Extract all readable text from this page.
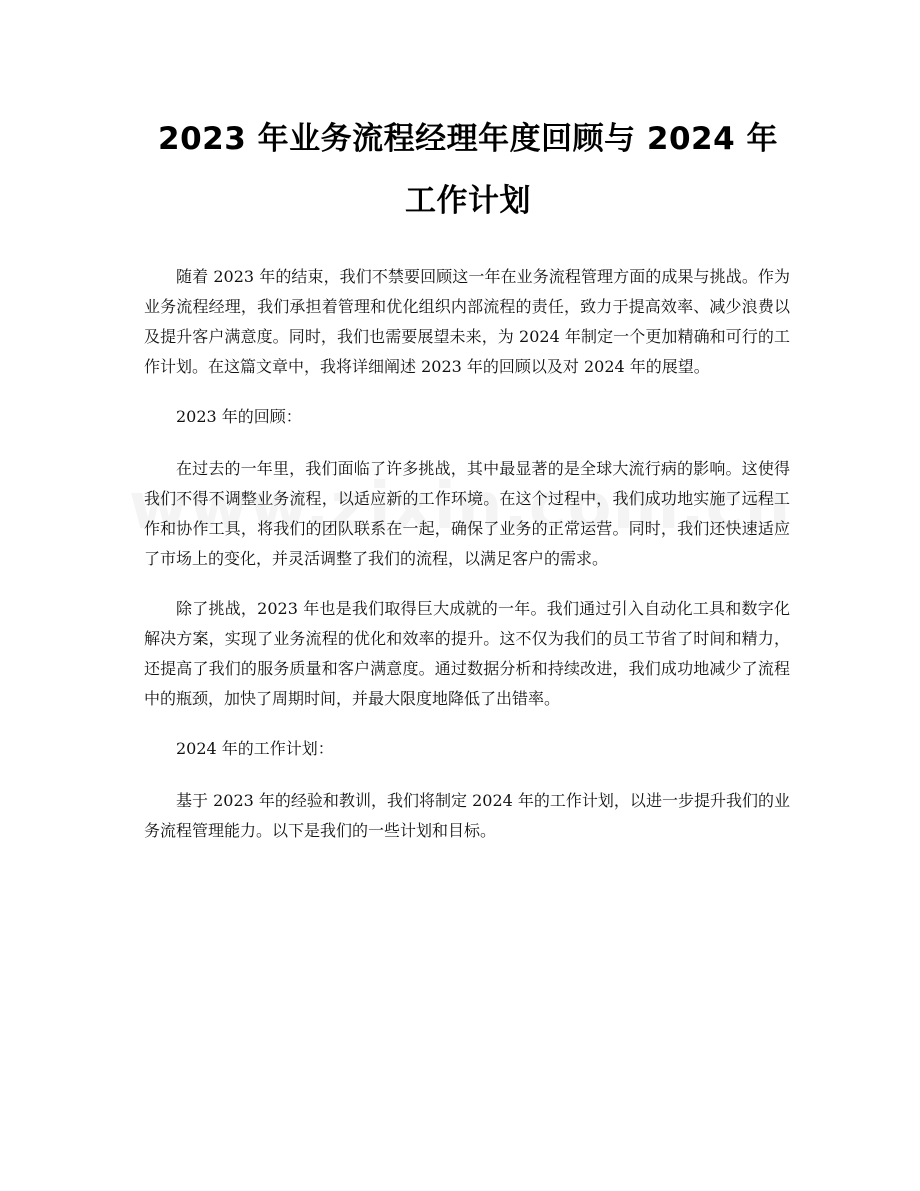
2023 年业务流程经理年度回顾与 2024 年工作计划

随着 2023 年的结束，我们不禁要回顾这一年在业务流程管理方面的成果与挑战。作为业务流程经理，我们承担着管理和优化组织内部流程的责任，致力于提高效率、减少浪费以及提升客户满意度。同时，我们也需要展望未来，为 2024 年制定一个更加精确和可行的工作计划。在这篇文章中，我将详细阐述 2023 年的回顾以及对 2024 年的展望。

2023 年的回顾：

在过去的一年里，我们面临了许多挑战，其中最显著的是全球大流行病的影响。这使得我们不得不调整业务流程，以适应新的工作环境。在这个过程中，我们成功地实施了远程工作和协作工具，将我们的团队联系在一起，确保了业务的正常运营。同时，我们还快速适应了市场上的变化，并灵活调整了我们的流程，以满足客户的需求。

除了挑战，2023 年也是我们取得巨大成就的一年。我们通过引入自动化工具和数字化解决方案，实现了业务流程的优化和效率的提升。这不仅为我们的员工节省了时间和精力，还提高了我们的服务质量和客户满意度。通过数据分析和持续改进，我们成功地减少了流程中的瓶颈，加快了周期时间，并最大限度地降低了出错率。

2024 年的工作计划：

基于 2023 年的经验和教训，我们将制定 2024 年的工作计划，以进一步提升我们的业务流程管理能力。以下是我们的一些计划和目标。
